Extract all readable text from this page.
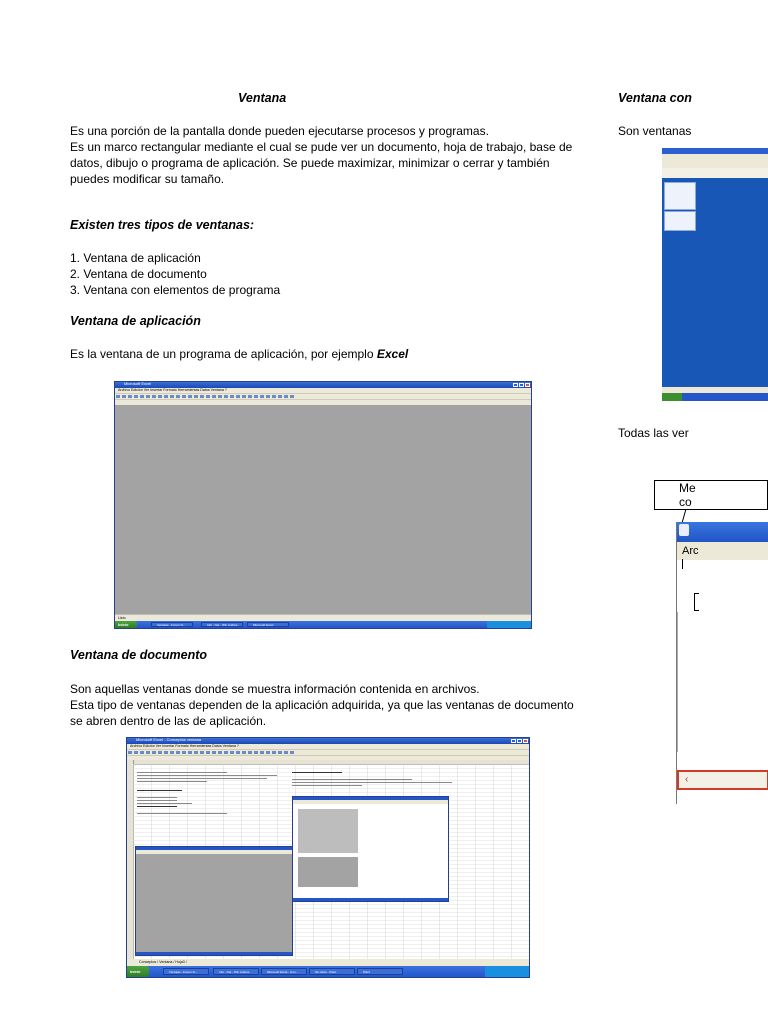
Ventana
Es una porción de la pantalla donde pueden ejecutarse procesos y programas.
Es un marco rectangular mediante el cual se pude ver un documento, hoja de trabajo, base de
datos, dibujo o programa de aplicación. Se puede maximizar, minimizar o cerrar y también
puedes modificar su tamaño.
Existen tres tipos de ventanas:
1. Ventana de aplicación
2. Ventana de documento
3. Ventana con elementos de programa
Ventana de aplicación
Es la ventana de un programa de aplicación, por ejemplo Excel
Microsoft Excel
Archivo Edición Ver Insertar Formato Herramientas Datos Ventana ?
Listo
Inicio	Ventajas - Forum N...	Info - Net - Win Andrés...	Microsoft Excel
Ventana de documento
Son aquellas ventanas donde se muestra información contenida en archivos.
Esta tipo de ventanas dependen de la aplicación adquirida, ya que las ventanas de documento
se abren dentro de las de aplicación.
Microsoft Excel - Conceptos ventana
Archivo Edición Ver Insertar Formato Herramientas Datos Ventana ?
Conceptos / Ventana / Hoja3 /
Inicio	Ventajas - Forum N...	Info - Net - Win Andrés	Microsoft Excel - Con...	Sin título - Paint	Paint
Ventana con
Son ventanas
Todas las ver
Me
co
Arc
‹
